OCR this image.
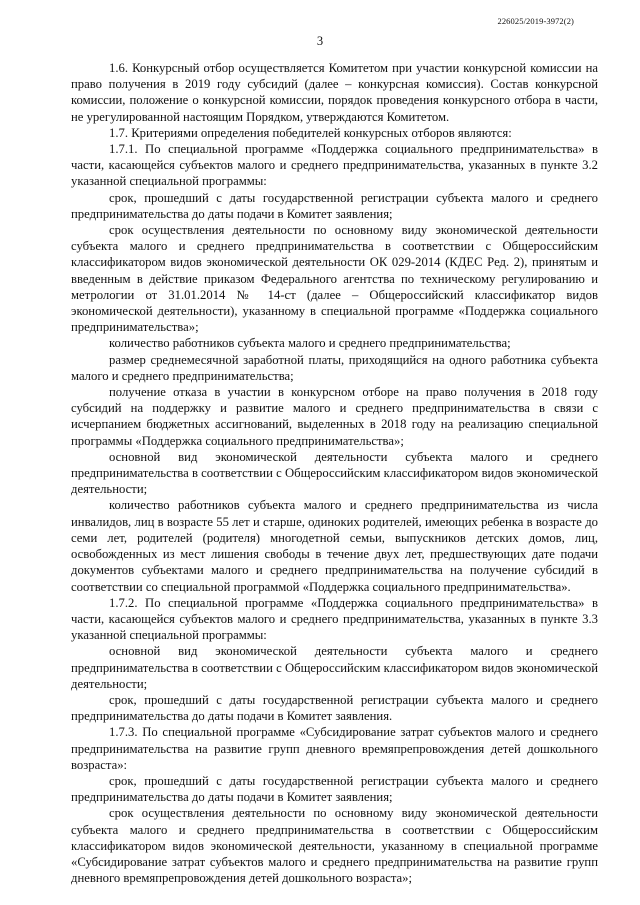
226025/2019-3972(2)
3

1.6. Конкурсный отбор осуществляется Комитетом при участии конкурсной комиссии на право получения в 2019 году субсидий (далее – конкурсная комиссия). Состав конкурсной комиссии, положение о конкурсной комиссии, порядок проведения конкурсного отбора в части, не урегулированной настоящим Порядком, утверждаются Комитетом.

1.7. Критериями определения победителей конкурсных отборов являются:

1.7.1. По специальной программе «Поддержка социального предпринимательства» в части, касающейся субъектов малого и среднего предпринимательства, указанных в пункте 3.2 указанной специальной программы:

срок, прошедший с даты государственной регистрации субъекта малого и среднего предпринимательства до даты подачи в Комитет заявления;

срок осуществления деятельности по основному виду экономической деятельности субъекта малого и среднего предпринимательства в соответствии с Общероссийским классификатором видов экономической деятельности ОК 029-2014 (КДЕС Ред. 2), принятым и введенным в действие приказом Федерального агентства по техническому регулированию и метрологии от 31.01.2014 № 14-ст (далее – Общероссийский классификатор видов экономической деятельности), указанному в специальной программе «Поддержка социального предпринимательства»;

количество работников субъекта малого и среднего предпринимательства;

размер среднемесячной заработной платы, приходящийся на одного работника субъекта малого и среднего предпринимательства;

получение отказа в участии в конкурсном отборе на право получения в 2018 году субсидий на поддержку и развитие малого и среднего предпринимательства в связи с исчерпанием бюджетных ассигнований, выделенных в 2018 году на реализацию специальной программы «Поддержка социального предпринимательства»;

основной вид экономической деятельности субъекта малого и среднего предпринимательства в соответствии с Общероссийским классификатором видов экономической деятельности;

количество работников субъекта малого и среднего предпринимательства из числа инвалидов, лиц в возрасте 55 лет и старше, одиноких родителей, имеющих ребенка в возрасте до семи лет, родителей (родителя) многодетной семьи, выпускников детских домов, лиц, освобожденных из мест лишения свободы в течение двух лет, предшествующих дате подачи документов субъектами малого и среднего предпринимательства на получение субсидий в соответствии со специальной программой «Поддержка социального предпринимательства».

1.7.2. По специальной программе «Поддержка социального предпринимательства» в части, касающейся субъектов малого и среднего предпринимательства, указанных в пункте 3.3 указанной специальной программы:

основной вид экономической деятельности субъекта малого и среднего предпринимательства в соответствии с Общероссийским классификатором видов экономической деятельности;

срок, прошедший с даты государственной регистрации субъекта малого и среднего предпринимательства до даты подачи в Комитет заявления.

1.7.3. По специальной программе «Субсидирование затрат субъектов малого и среднего предпринимательства на развитие групп дневного времяпрепровождения детей дошкольного возраста»:

срок, прошедший с даты государственной регистрации субъекта малого и среднего предпринимательства до даты подачи в Комитет заявления;

срок осуществления деятельности по основному виду экономической деятельности субъекта малого и среднего предпринимательства в соответствии с Общероссийским классификатором видов экономической деятельности, указанному в специальной программе «Субсидирование затрат субъектов малого и среднего предпринимательства на развитие групп дневного времяпрепровождения детей дошкольного возраста»;
